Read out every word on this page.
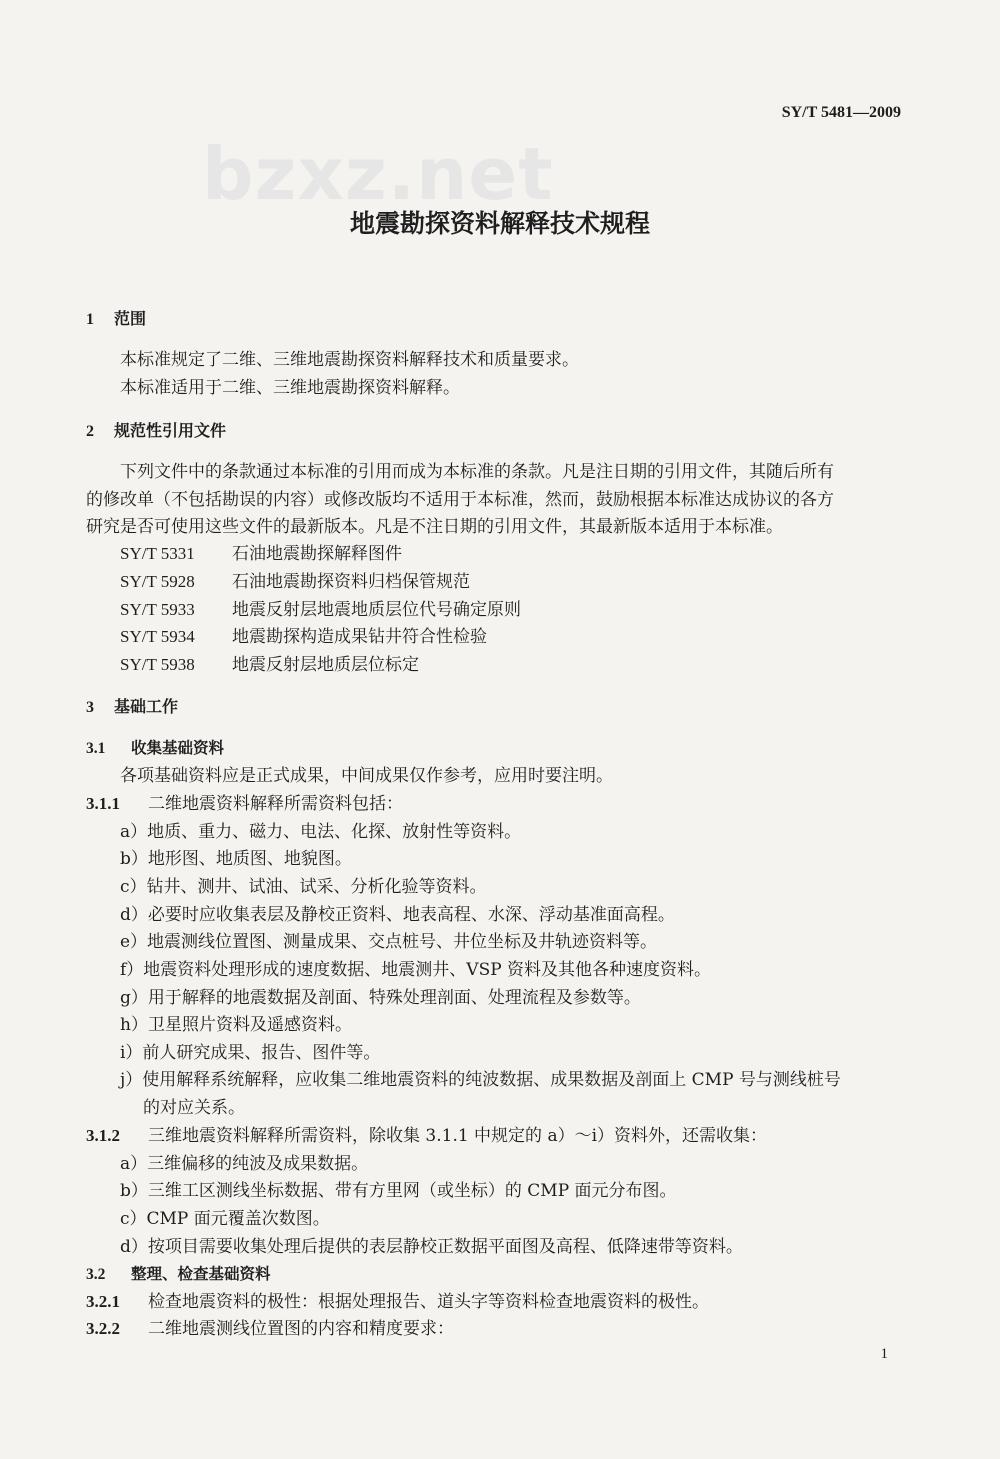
SY/T 5481—2009
bzxz.net
地震勘探资料解释技术规程
1 范围
本标准规定了二维、三维地震勘探资料解释技术和质量要求。
本标准适用于二维、三维地震勘探资料解释。
2 规范性引用文件
下列文件中的条款通过本标准的引用而成为本标准的条款。凡是注日期的引用文件，其随后所有
的修改单（不包括勘误的内容）或修改版均不适用于本标准，然而，鼓励根据本标准达成协议的各方
研究是否可使用这些文件的最新版本。凡是不注日期的引用文件，其最新版本适用于本标准。
SY/T 5331 石油地震勘探解释图件
SY/T 5928 石油地震勘探资料归档保管规范
SY/T 5933 地震反射层地震地质层位代号确定原则
SY/T 5934 地震勘探构造成果钻井符合性检验
SY/T 5938 地震反射层地质层位标定
3 基础工作
3.1 收集基础资料
各项基础资料应是正式成果，中间成果仅作参考，应用时要注明。
3.1.1 二维地震资料解释所需资料包括：
a）地质、重力、磁力、电法、化探、放射性等资料。
b）地形图、地质图、地貌图。
c）钻井、测井、试油、试采、分析化验等资料。
d）必要时应收集表层及静校正资料、地表高程、水深、浮动基准面高程。
e）地震测线位置图、测量成果、交点桩号、井位坐标及井轨迹资料等。
f）地震资料处理形成的速度数据、地震测井、VSP 资料及其他各种速度资料。
g）用于解释的地震数据及剖面、特殊处理剖面、处理流程及参数等。
h）卫星照片资料及遥感资料。
i）前人研究成果、报告、图件等。
j）使用解释系统解释，应收集二维地震资料的纯波数据、成果数据及剖面上 CMP 号与测线桩号
的对应关系。
3.1.2 三维地震资料解释所需资料，除收集 3.1.1 中规定的 a）～i）资料外，还需收集：
a）三维偏移的纯波及成果数据。
b）三维工区测线坐标数据、带有方里网（或坐标）的 CMP 面元分布图。
c）CMP 面元覆盖次数图。
d）按项目需要收集处理后提供的表层静校正数据平面图及高程、低降速带等资料。
3.2 整理、检查基础资料
3.2.1 检查地震资料的极性：根据处理报告、道头字等资料检查地震资料的极性。
3.2.2 二维地震测线位置图的内容和精度要求：
1
